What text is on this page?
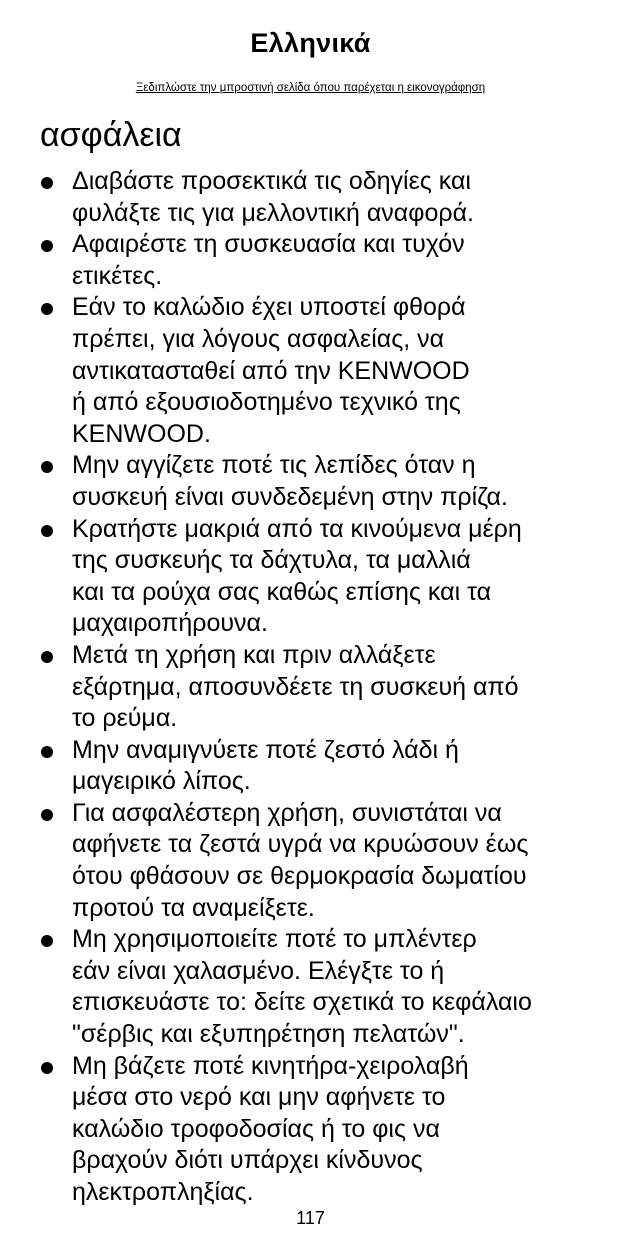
Ελληνικά
Ξεδιπλώστε την μπροστινή σελίδα όπου παρέχεται η εικονογράφηση
ασφάλεια
Διαβάστε προσεκτικά τις οδηγίες και
φυλάξτε τις για μελλοντική αναφορά.
Αφαιρέστε τη συσκευασία και τυχόν
ετικέτες.
Εάν το καλώδιο έχει υποστεί φθορά
πρέπει, για λόγους ασφαλείας, να
αντικατασταθεί από την KENWOOD
ή από εξουσιοδοτημένο τεχνικό της
KENWOOD.
Μην αγγίζετε ποτέ τις λεπίδες όταν η
συσκευή είναι συνδεδεμένη στην πρίζα.
Κρατήστε μακριά από τα κινούμενα μέρη
της συσκευής τα δάχτυλα, τα μαλλιά
και τα ρούχα σας καθώς επίσης και τα
μαχαιροπήρουνα.
Μετά τη χρήση και πριν αλλάξετε
εξάρτημα, αποσυνδέετε τη συσκευή από
το ρεύμα.
Μην αναμιγνύετε ποτέ ζεστό λάδι ή
μαγειρικό λίπος.
Για ασφαλέστερη χρήση, συνιστάται να
αφήνετε τα ζεστά υγρά να κρυώσουν έως
ότου φθάσουν σε θερμοκρασία δωματίου
προτού τα αναμείξετε.
Μη χρησιμοποιείτε ποτέ το μπλέντερ
εάν είναι χαλασμένο. Ελέγξτε το ή
επισκευάστε το: δείτε σχετικά το κεφάλαιο
"σέρβις και εξυπηρέτηση πελατών".
Μη βάζετε ποτέ κινητήρα-χειρολαβή
μέσα στο νερό και μην αφήνετε το
καλώδιο τροφοδοσίας ή το φις να
βραχούν διότι υπάρχει κίνδυνος
ηλεκτροπληξίας.
117
